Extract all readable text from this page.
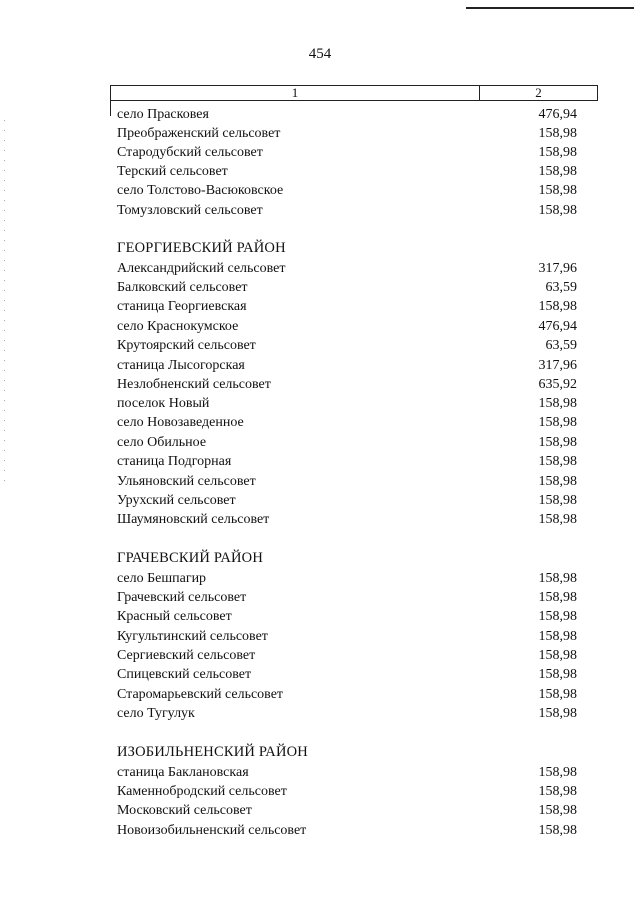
454
1	2
село Прасковея	476,94
Преображенский сельсовет	158,98
Стародубский сельсовет	158,98
Терский сельсовет	158,98
село Толстово-Васюковское	158,98
Томузловский сельсовет	158,98
ГЕОРГИЕВСКИЙ РАЙОН
Александрийский сельсовет	317,96
Балковский сельсовет	63,59
станица Георгиевская	158,98
село Краснокумское	476,94
Крутоярский сельсовет	63,59
станица Лысогорская	317,96
Незлобненский сельсовет	635,92
поселок Новый	158,98
село Новозаведенное	158,98
село Обильное	158,98
станица Подгорная	158,98
Ульяновский сельсовет	158,98
Урухский сельсовет	158,98
Шаумяновский сельсовет	158,98
ГРАЧЕВСКИЙ РАЙОН
село Бешпагир	158,98
Грачевский сельсовет	158,98
Красный сельсовет	158,98
Кугультинский сельсовет	158,98
Сергиевский сельсовет	158,98
Спицевский сельсовет	158,98
Старомарьевский сельсовет	158,98
село Тугулук	158,98
ИЗОБИЛЬНЕНСКИЙ РАЙОН
станица Баклановская	158,98
Каменнобродский сельсовет	158,98
Московский сельсовет	158,98
Новоизобильненский сельсовет	158,98
